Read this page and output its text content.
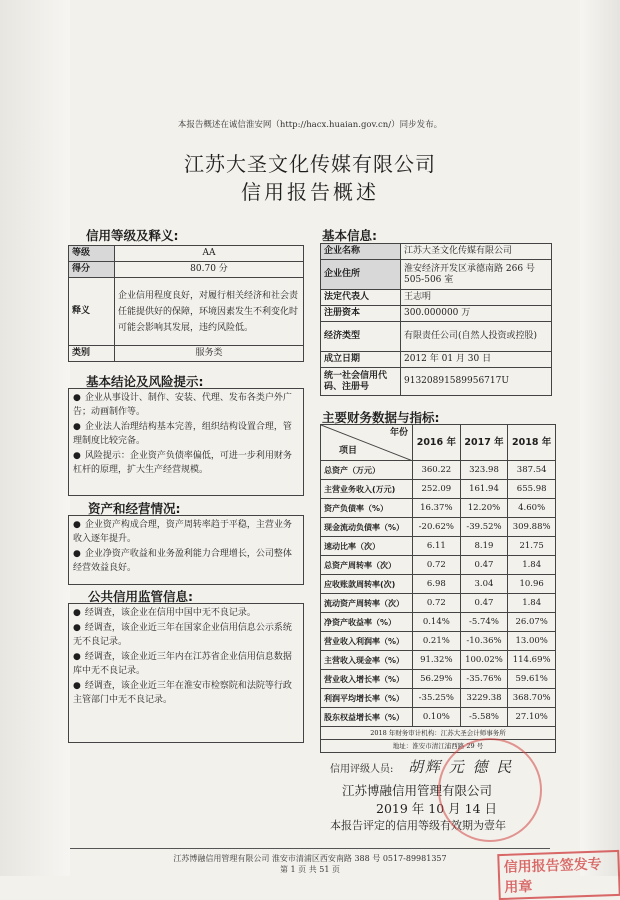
本报告概述在诚信淮安网（http://hacx.huaian.gov.cn/）同步发布。
江苏大圣文化传媒有限公司
信用报告概述
信用等级及释义:
等级	AA
得分	80.70 分
释义	企业信用程度良好，对履行相关经济和社会责任能提供好的保障，环境因素发生不利变化时可能会影响其发展，违约风险低。
类别	服务类
基本结论及风险提示:

● 企业从事设计、制作、安装、代理、发布各类户外广告；动画制作等。

● 企业法人治理结构基本完善，组织结构设置合理，管理制度比较完备。

● 风险提示：企业资产负债率偏低，可进一步利用财务杠杆的原理，扩大生产经营规模。

资产和经营情况:

● 企业资产构成合理，资产周转率趋于平稳，主营业务收入逐年提升。

● 企业净资产收益和业务盈利能力合理增长，公司整体经营效益良好。

公共信用监管信息:

● 经调查，该企业在信用中国中无不良记录。

● 经调查，该企业近三年在国家企业信用信息公示系统无不良记录。

● 经调查，该企业近三年内在江苏省企业信用信息数据库中无不良记录。

● 经调查，该企业近三年在淮安市检察院和法院等行政主管部门中无不良记录。

基本信息:
企业名称	江苏大圣文化传媒有限公司
企业住所	淮安经济开发区承德南路 266 号 505-506 室
法定代表人	王志明
注册资本	300.000000 万
经济类型	有限责任公司(自然人投资或控股)
成立日期	2012 年 01 月 30 日
统一社会信用代码、注册号	91320891589956717U
主要财务数据与指标:
年份
项目	2016 年	2017 年	2018 年
总资产（万元）	360.22	323.98	387.54
主营业务收入(万元)	252.09	161.94	655.98
资产负债率（%）	16.37%	12.20%	4.60%
现金流动负债率（%）	-20.62%	-39.52%	309.88%
速动比率（次）	6.11	8.19	21.75
总资产周转率（次）	0.72	0.47	1.84
应收账款周转率(次)	6.98	3.04	10.96
流动资产周转率（次）	0.72	0.47	1.84
净资产收益率（%）	0.14%	-5.74%	26.07%
营业收入利润率（%）	0.21%	-10.36%	13.00%
主营收入现金率（%）	91.32%	100.02%	114.69%
营业收入增长率（%）	56.29%	-35.76%	59.61%
利润平均增长率（%）	-35.25%	3229.38	368.70%
股东权益增长率（%）	0.10%	-5.58%	27.10%
2018 年财务审计机构：江苏大圣会计师事务所			
地址：淮安市清江浦西路 29 号			
信用评级人员: 胡辉 元 德 民
江苏博融信用管理有限公司
2019 年 10 月 14 日
本报告评定的信用等级有效期为壹年
信用报告签发专用章
江苏博融信用管理有限公司 淮安市清浦区西安南路 388 号 0517-89981357
第 1 页 共 51 页
